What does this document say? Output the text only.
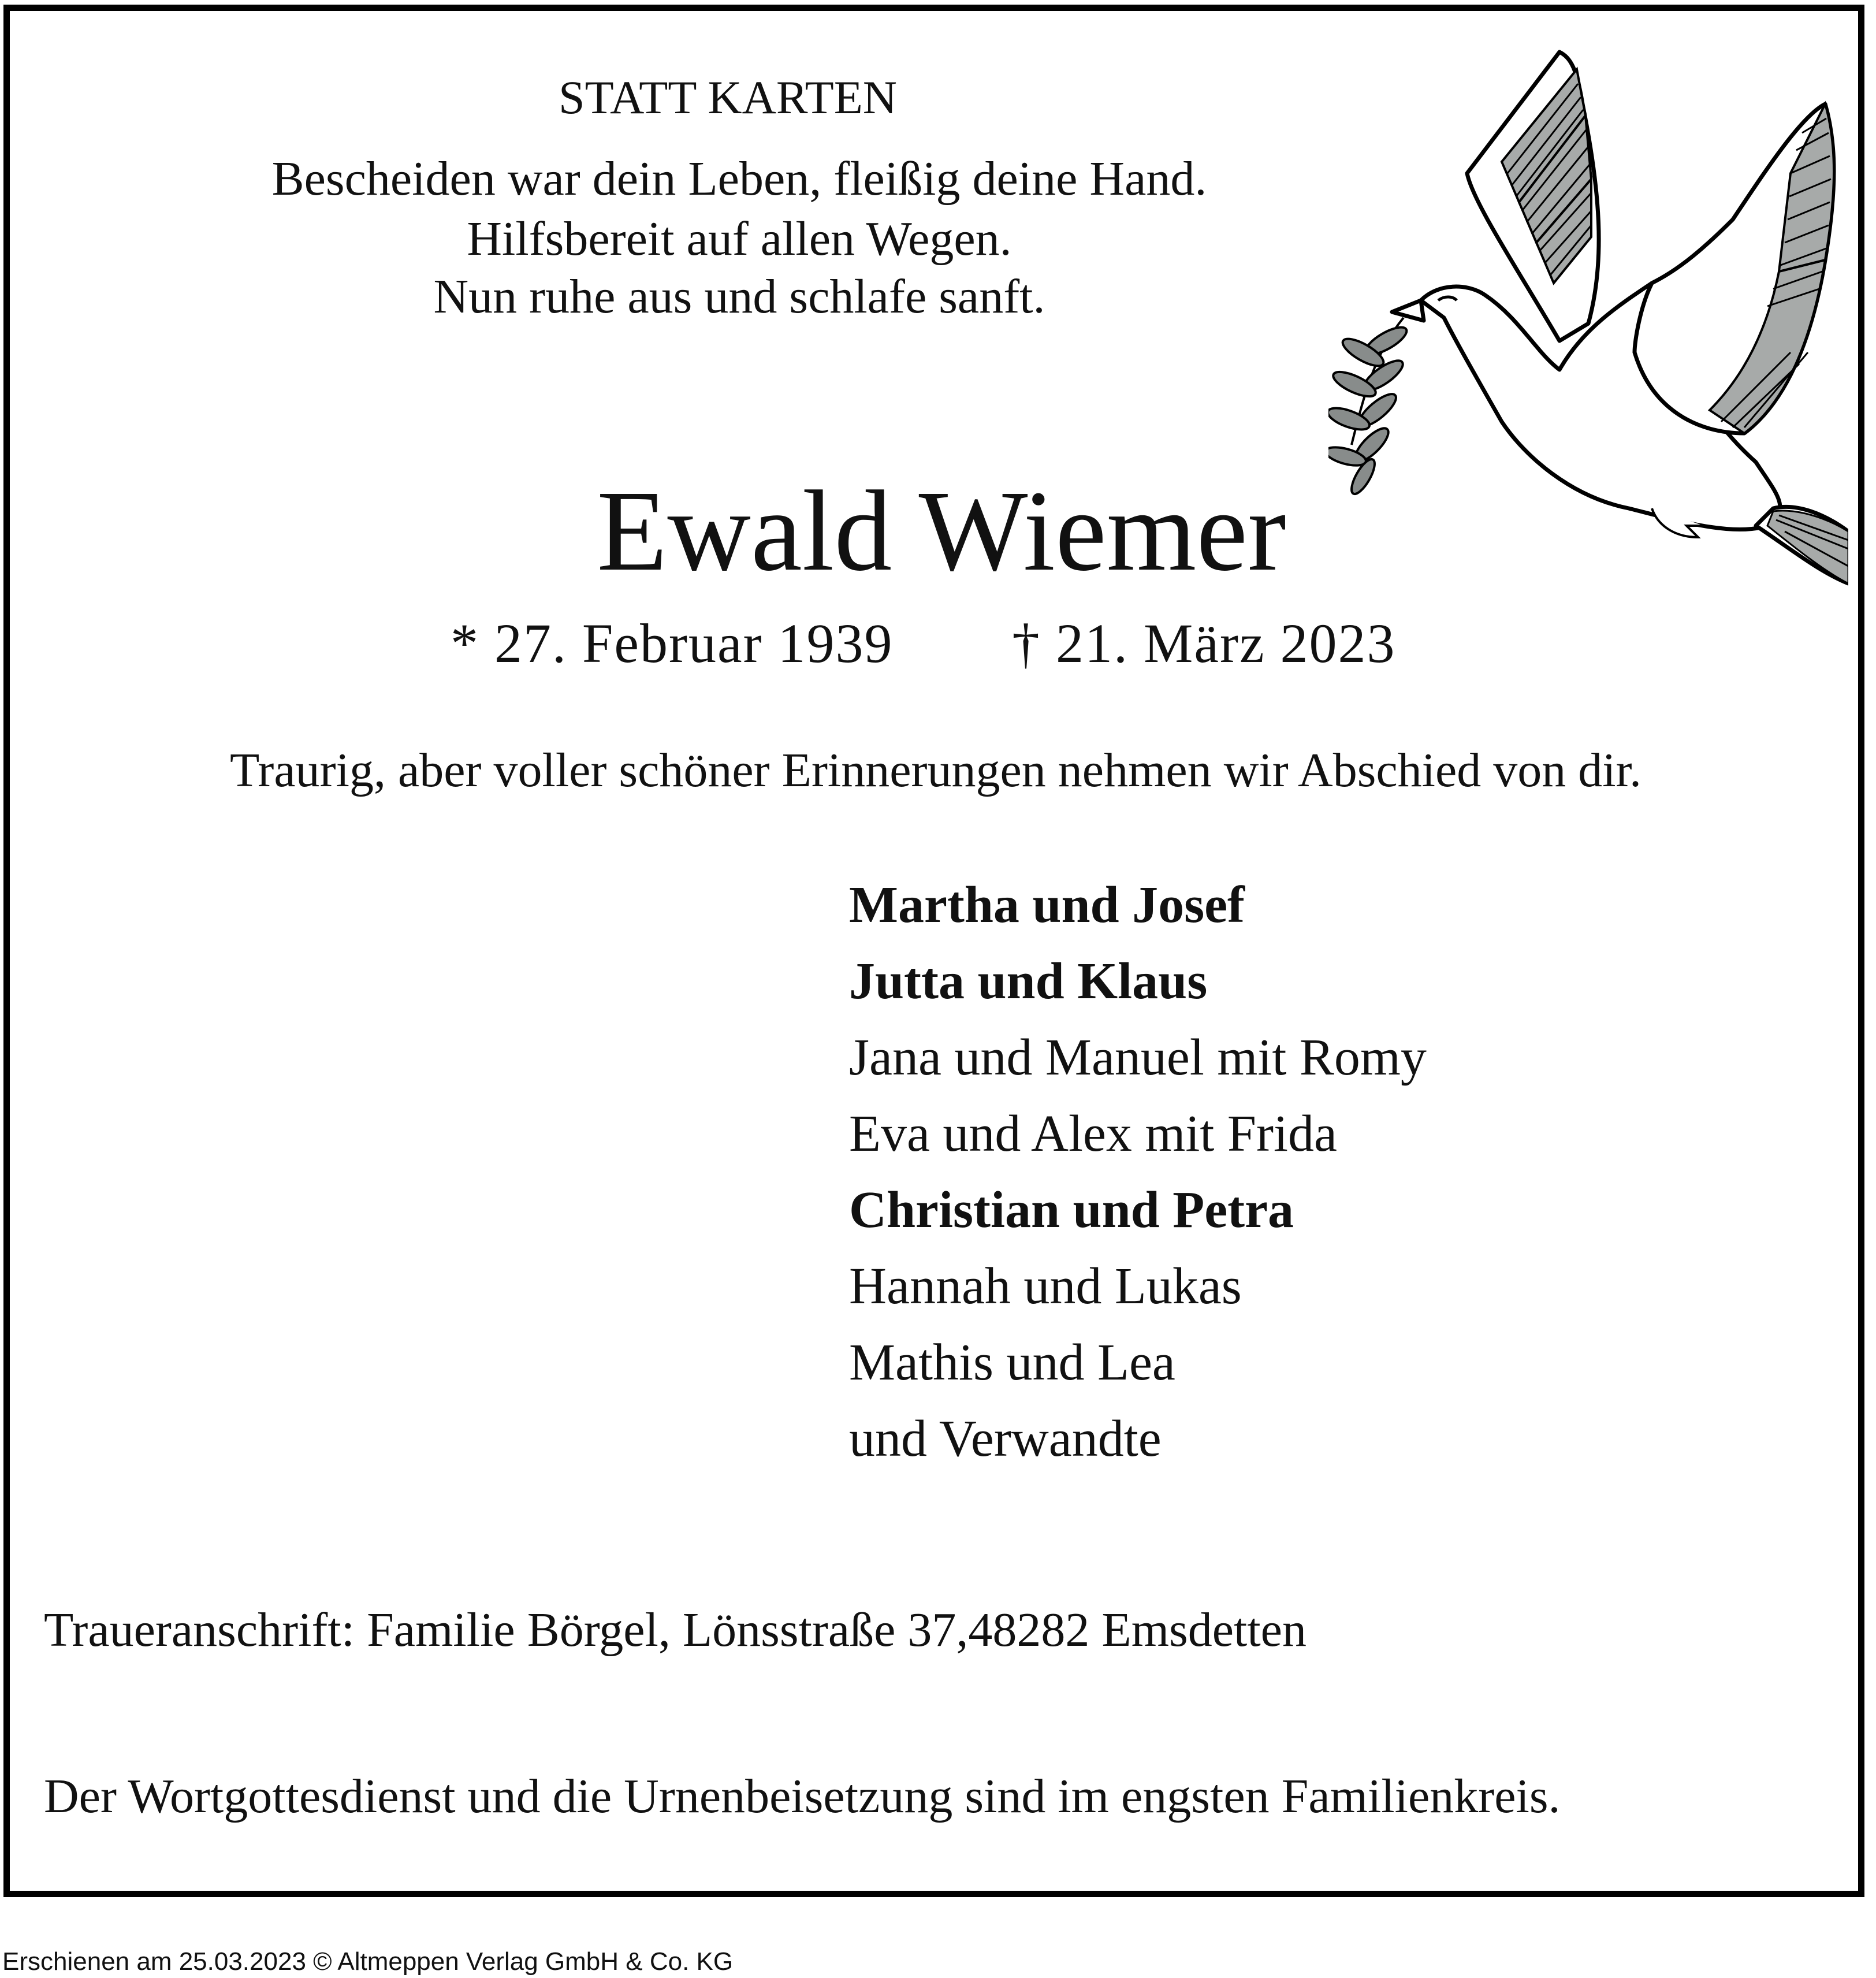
STATT KARTEN
Bescheiden war dein Leben, fleißig deine Hand.
Hilfsbereit auf allen Wegen.
Nun ruhe aus und schlafe sanft.
Ewald Wiemer
* 27. Februar 1939 † 21. März 2023
Traurig, aber voller schöner Erinnerungen nehmen wir Abschied von dir.
Martha und Josef
Jutta und Klaus
Jana und Manuel mit Romy
Eva und Alex mit Frida
Christian und Petra
Hannah und Lukas
Mathis und Lea
und Verwandte
Traueranschrift: Familie Börgel, Lönsstraße 37,48282 Emsdetten
Der Wortgottesdienst und die Urnenbeisetzung sind im engsten Familienkreis.
Erschienen am 25.03.2023 © Altmeppen Verlag GmbH & Co. KG
